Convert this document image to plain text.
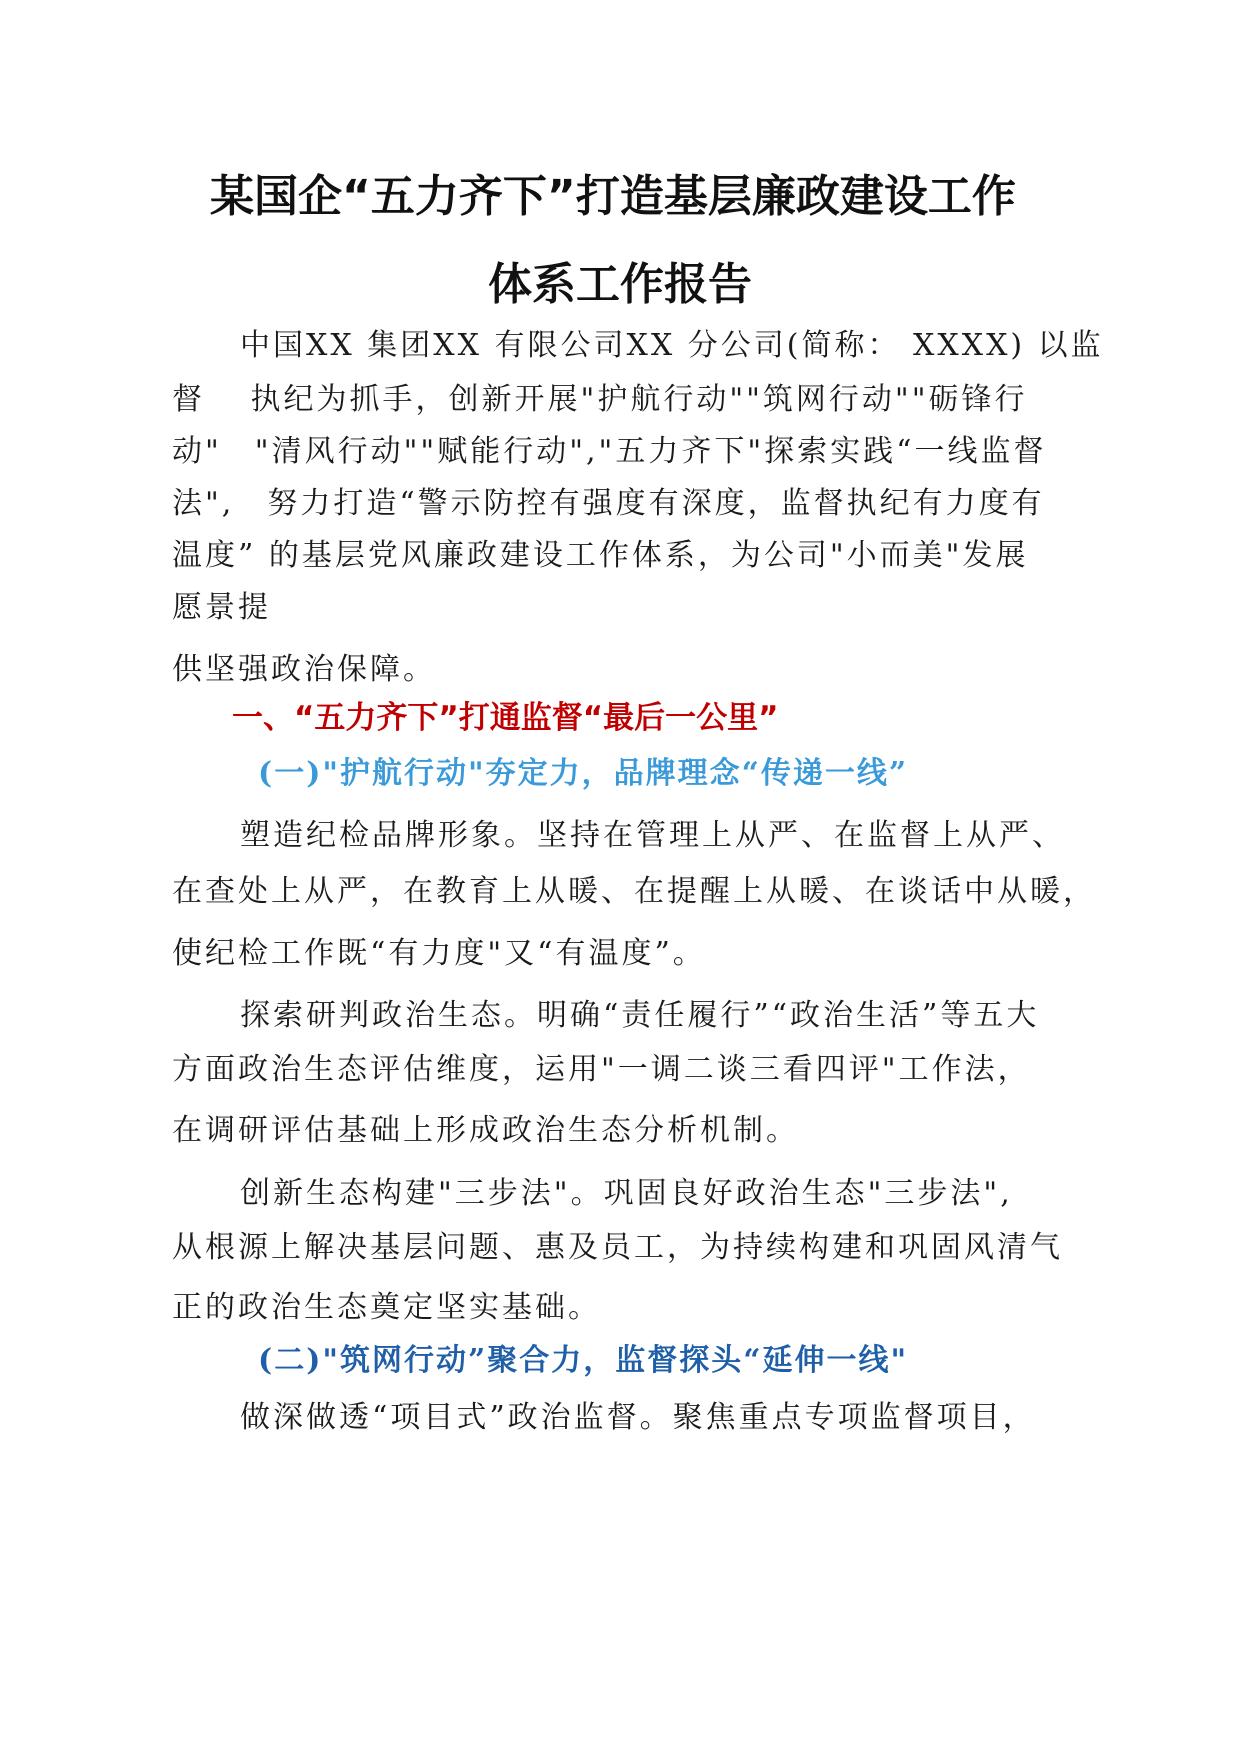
某国企“五力齐下”打造基层廉政建设工作
体系工作报告
中国XX 集团XX 有限公司XX 分公司(简称： XXXX) 以监
督　 执纪为抓手，创新开展"护航行动""筑网行动""砺锋行
动"　"清风行动""赋能行动","五力齐下"探索实践“一线监督
法",　努力打造“警示防控有强度有深度，监督执纪有力度有
温度” 的基层党风廉政建设工作体系，为公司"小而美"发展
愿景提
供坚强政治保障。
一、“五力齐下”打通监督“最后一公里”
(一)"护航行动"夯定力，品牌理念“传递一线”
塑造纪检品牌形象。坚持在管理上从严、在监督上从严、
在查处上从严，在教育上从暖、在提醒上从暖、在谈话中从暖，
使纪检工作既“有力度"又“有温度”。
探索研判政治生态。明确“责任履行”“政治生活”等五大
方面政治生态评估维度，运用"一调二谈三看四评"工作法，
在调研评估基础上形成政治生态分析机制。
创新生态构建"三步法"。巩固良好政治生态"三步法",
从根源上解决基层问题、惠及员工，为持续构建和巩固风清气
正的政治生态奠定坚实基础。
(二)"筑网行动”聚合力，监督探头“延伸一线"
做深做透“项目式”政治监督。聚焦重点专项监督项目，
